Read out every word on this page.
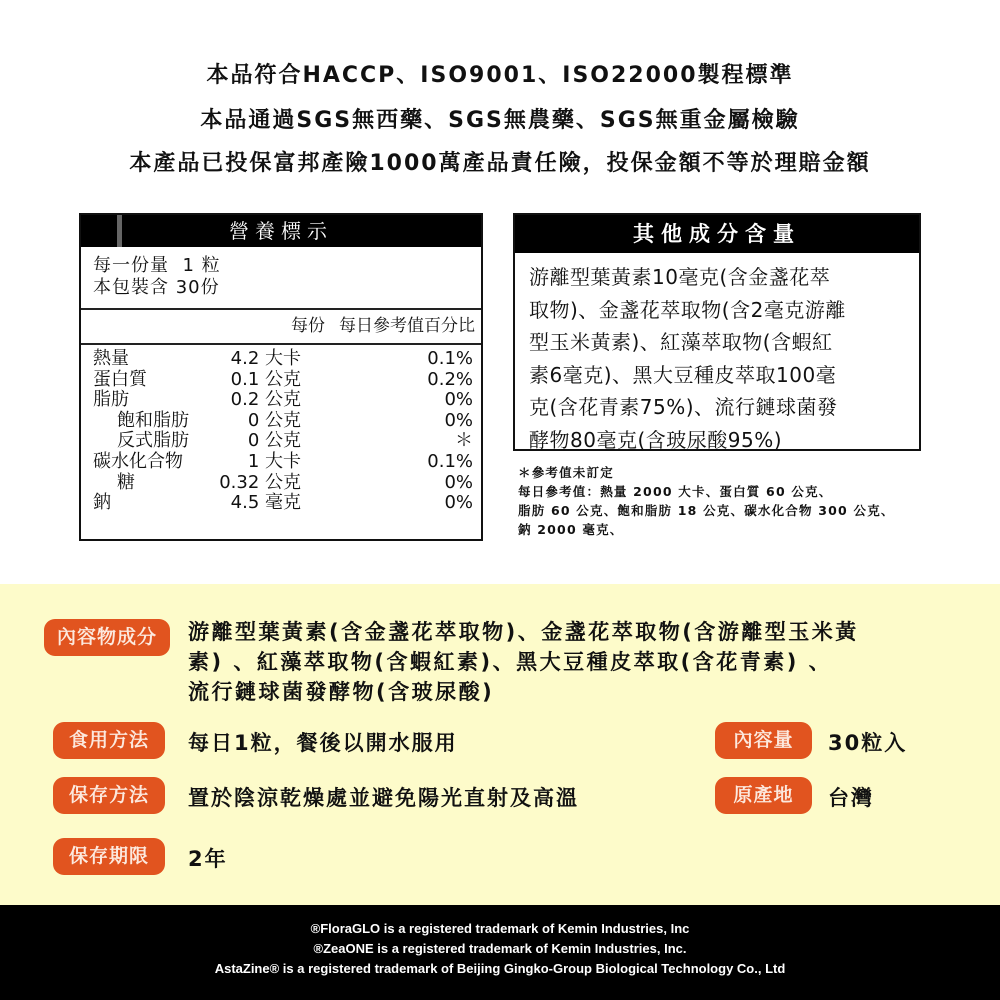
本品符合HACCP、ISO9001、ISO22000製程標準
本品通過SGS無西藥、SGS無農藥、SGS無重金屬檢驗
本產品已投保富邦產險1000萬產品責任險，投保金額不等於理賠金額
營養標示
每一份量  1 粒
本包裝含 30份
每份 每日參考值百分比
熱量	4.2 大卡	0.1%
蛋白質	0.1 公克	0.2%
脂肪	0.2 公克	0%
飽和脂肪	0 公克	0%
反式脂肪	0 公克	＊
碳水化合物	1 大卡	0.1%
糖	0.32 公克	0%
鈉	4.5 毫克	0%
其他成分含量
游離型葉黃素10毫克(含金盞花萃
取物)、金盞花萃取物(含2毫克游離
型玉米黃素)、紅藻萃取物(含蝦紅
素6毫克)、黑大豆種皮萃取100毫
克(含花青素75%)、流行鏈球菌發
酵物80毫克(含玻尿酸95%)
＊參考值未訂定
每日參考值：熱量 2000 大卡、蛋白質 60 公克、
脂肪 60 公克、飽和脂肪 18 公克、碳水化合物 300 公克、
鈉 2000 毫克、
內容物成分	游離型葉黃素(含金盞花萃取物)、金盞花萃取物(含游離型玉米黃
素) 、紅藻萃取物(含蝦紅素)、黑大豆種皮萃取(含花青素) 、
流行鏈球菌發酵物(含玻尿酸)
食用方法	每日1粒，餐後以開水服用
保存方法	置於陰涼乾燥處並避免陽光直射及高溫
保存期限	2年
內容量	30粒入
原產地	台灣
®FloraGLO is a registered trademark of Kemin Industries, Inc
®ZeaONE is a registered trademark of Kemin Industries, Inc.
AstaZine® is a registered trademark of Beijing Gingko-Group Biological Technology Co., Ltd
